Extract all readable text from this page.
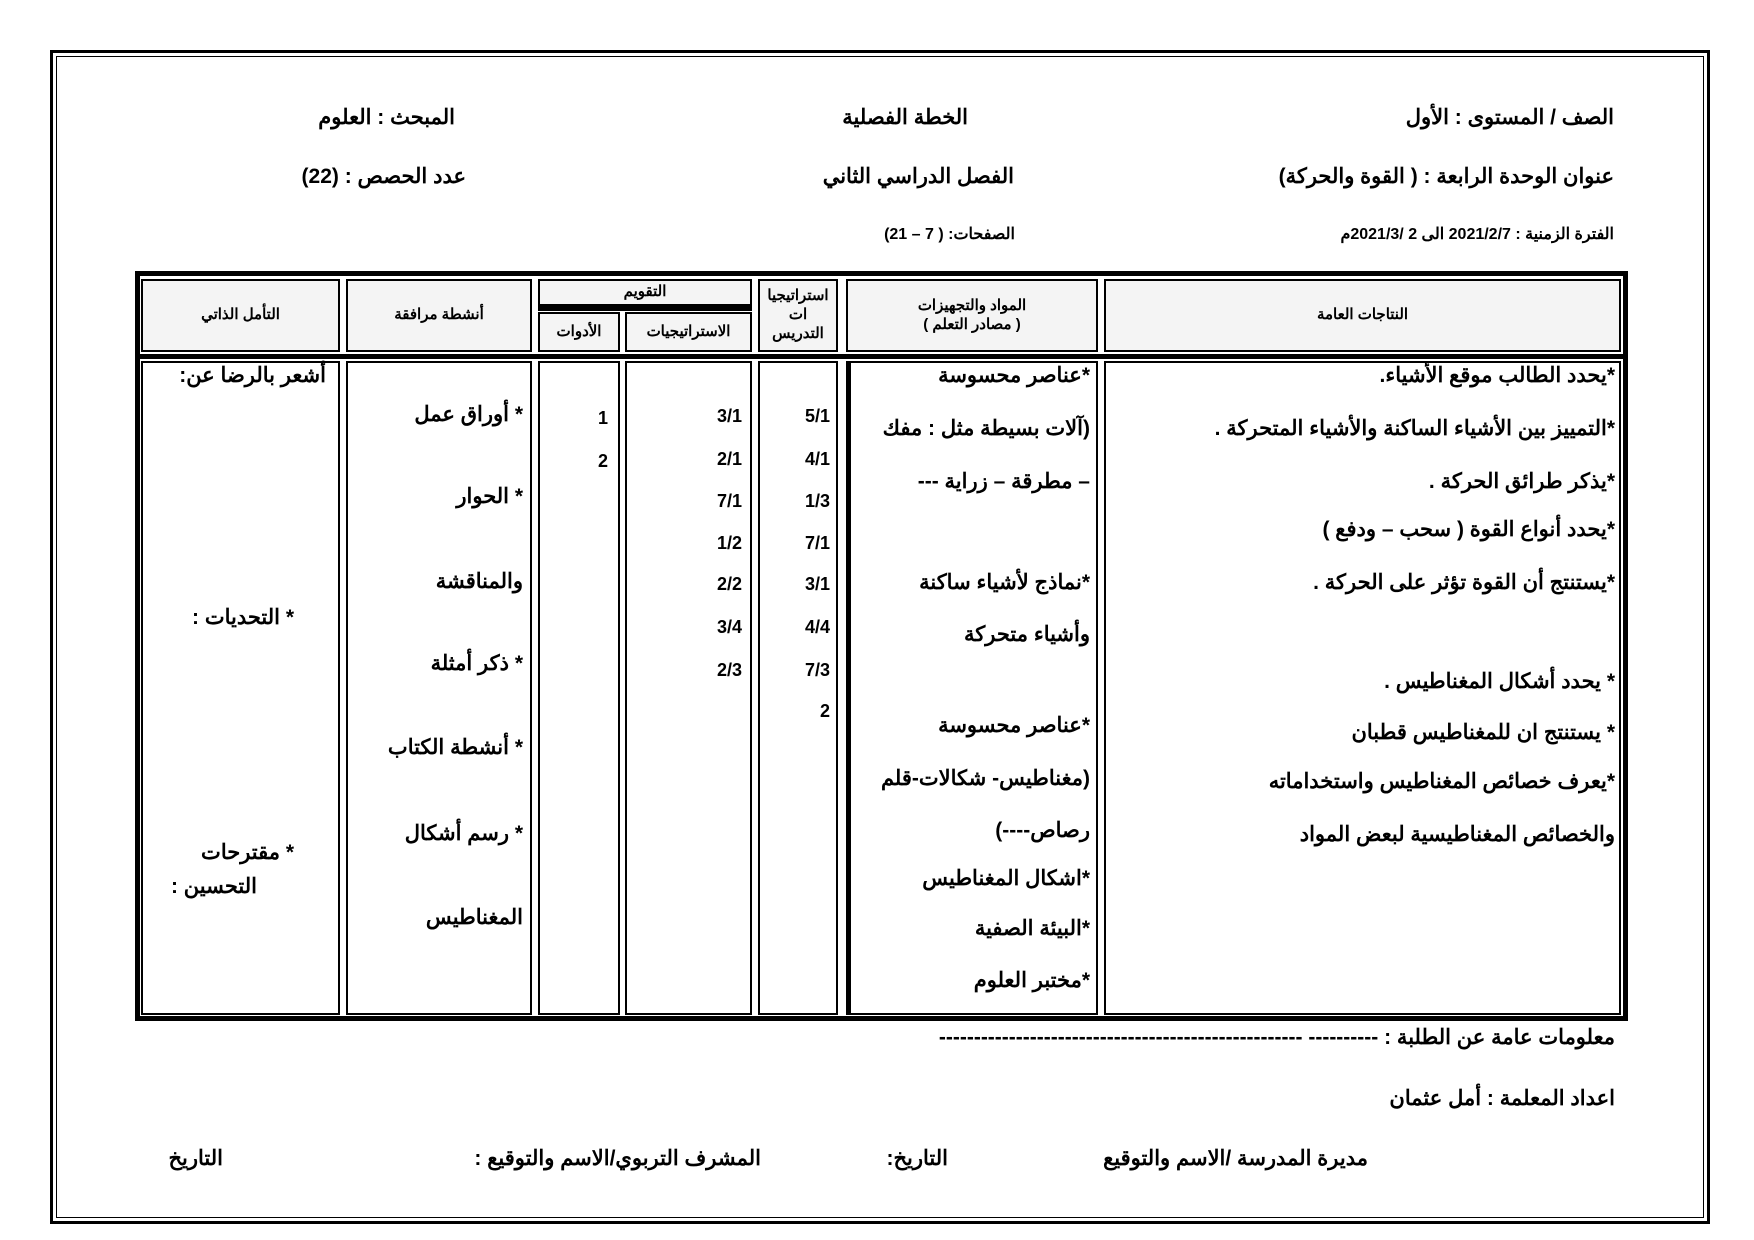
الصف / المستوى : الأول
الخطة الفصلية
المبحث : العلوم
عنوان الوحدة الرابعة : ( القوة والحركة)
الفصل الدراسي الثاني
عدد الحصص : (22)
الفترة الزمنية : 2021/2/7 الى 2 /2021/3م
الصفحات: ( 7 – 21)
النتاجات العامة
المواد والتجهيزات
( مصادر التعلم )
استراتيجيا
ات
التدريس
التقويم
الاستراتيجيات
الأدوات
أنشطة مرافقة
التأمل الذاتي
*يحدد الطالب موقع الأشياء.
*التمييز بين الأشياء الساكنة والأشياء المتحركة .
*يذكر طرائق الحركة .
*يحدد أنواع القوة ( سحب – ودفع )
*يستنتج أن القوة تؤثر على الحركة .
* يحدد أشكال المغناطيس .
* يستنتج ان للمغناطيس قطبان
*يعرف خصائص المغناطيس واستخداماته
والخصائص المغناطيسية لبعض المواد
*عناصر محسوسة
(آلات بسيطة مثل : مفك
– مطرقة – زراية ---
*نماذج لأشياء ساكنة
وأشياء متحركة
*عناصر محسوسة
(مغناطيس- شكالات-قلم
رصاص----)
*اشكال المغناطيس
*البيئة الصفية
*مختبر العلوم
5/1
4/1
1/3
7/1
3/1
4/4
7/3
2
3/1
2/1
7/1
1/2
2/2
3/4
2/3
1
2
* أوراق عمل
* الحوار
والمناقشة
* ذكر أمثلة
* أنشطة الكتاب
* رسم أشكال
المغناطيس
أشعر بالرضا عن:
* التحديات :
* مقترحات
التحسين :
معلومات عامة عن الطلبة : ---------- ----------------------------------------------------
اعداد المعلمة : أمل عثمان
مديرة المدرسة /الاسم والتوقيع
التاريخ:
المشرف التربوي/الاسم والتوقيع :
التاريخ
